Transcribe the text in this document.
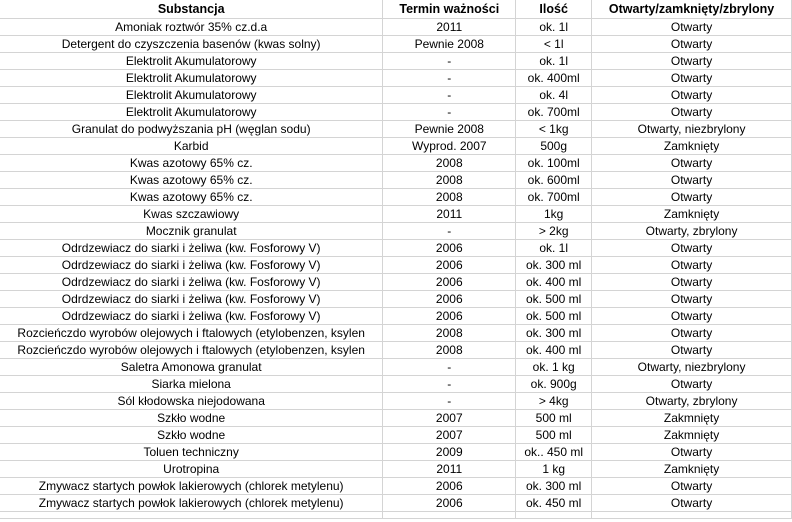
Substancja	Termin ważności	Ilość	Otwarty/zamknięty/zbrylony
Amoniak roztwór 35% cz.d.a	2011	ok. 1l	Otwarty
Detergent do czyszczenia basenów (kwas solny)	Pewnie 2008	< 1l	Otwarty
Elektrolit Akumulatorowy	-	ok. 1l	Otwarty
Elektrolit Akumulatorowy	-	ok. 400ml	Otwarty
Elektrolit Akumulatorowy	-	ok. 4l	Otwarty
Elektrolit Akumulatorowy	-	ok. 700ml	Otwarty
Granulat do podwyższania pH (węglan sodu)	Pewnie 2008	< 1kg	Otwarty, niezbrylony
Karbid	Wyprod. 2007	500g	Zamknięty
Kwas azotowy 65% cz.	2008	ok. 100ml	Otwarty
Kwas azotowy 65% cz.	2008	ok. 600ml	Otwarty
Kwas azotowy 65% cz.	2008	ok. 700ml	Otwarty
Kwas szczawiowy	2011	1kg	Zamknięty
Mocznik granulat	-	> 2kg	Otwarty, zbrylony
Odrdzewiacz do siarki i żeliwa (kw. Fosforowy V)	2006	ok. 1l	Otwarty
Odrdzewiacz do siarki i żeliwa (kw. Fosforowy V)	2006	ok. 300 ml	Otwarty
Odrdzewiacz do siarki i żeliwa (kw. Fosforowy V)	2006	ok. 400 ml	Otwarty
Odrdzewiacz do siarki i żeliwa (kw. Fosforowy V)	2006	ok. 500 ml	Otwarty
Odrdzewiacz do siarki i żeliwa (kw. Fosforowy V)	2006	ok. 500 ml	Otwarty
Rozcieńczdo wyrobów olejowych i ftalowych (etylobenzen, ksylen	2008	ok. 300 ml	Otwarty
Rozcieńczdo wyrobów olejowych i ftalowych (etylobenzen, ksylen	2008	ok. 400 ml	Otwarty
Saletra Amonowa granulat	-	ok. 1 kg	Otwarty, niezbrylony
Siarka mielona	-	ok. 900g	Otwarty
Sól kłodowska niejodowana	-	> 4kg	Otwarty, zbrylony
Szkło wodne	2007	500 ml	Zakmnięty
Szkło wodne	2007	500 ml	Zakmnięty
Toluen techniczny	2009	ok.. 450 ml	Otwarty
Urotropina	2011	1 kg	Zamknięty
Zmywacz startych powłok lakierowych (chlorek metylenu)	2006	ok. 300 ml	Otwarty
Zmywacz startych powłok lakierowych (chlorek metylenu)	2006	ok. 450 ml	Otwarty
